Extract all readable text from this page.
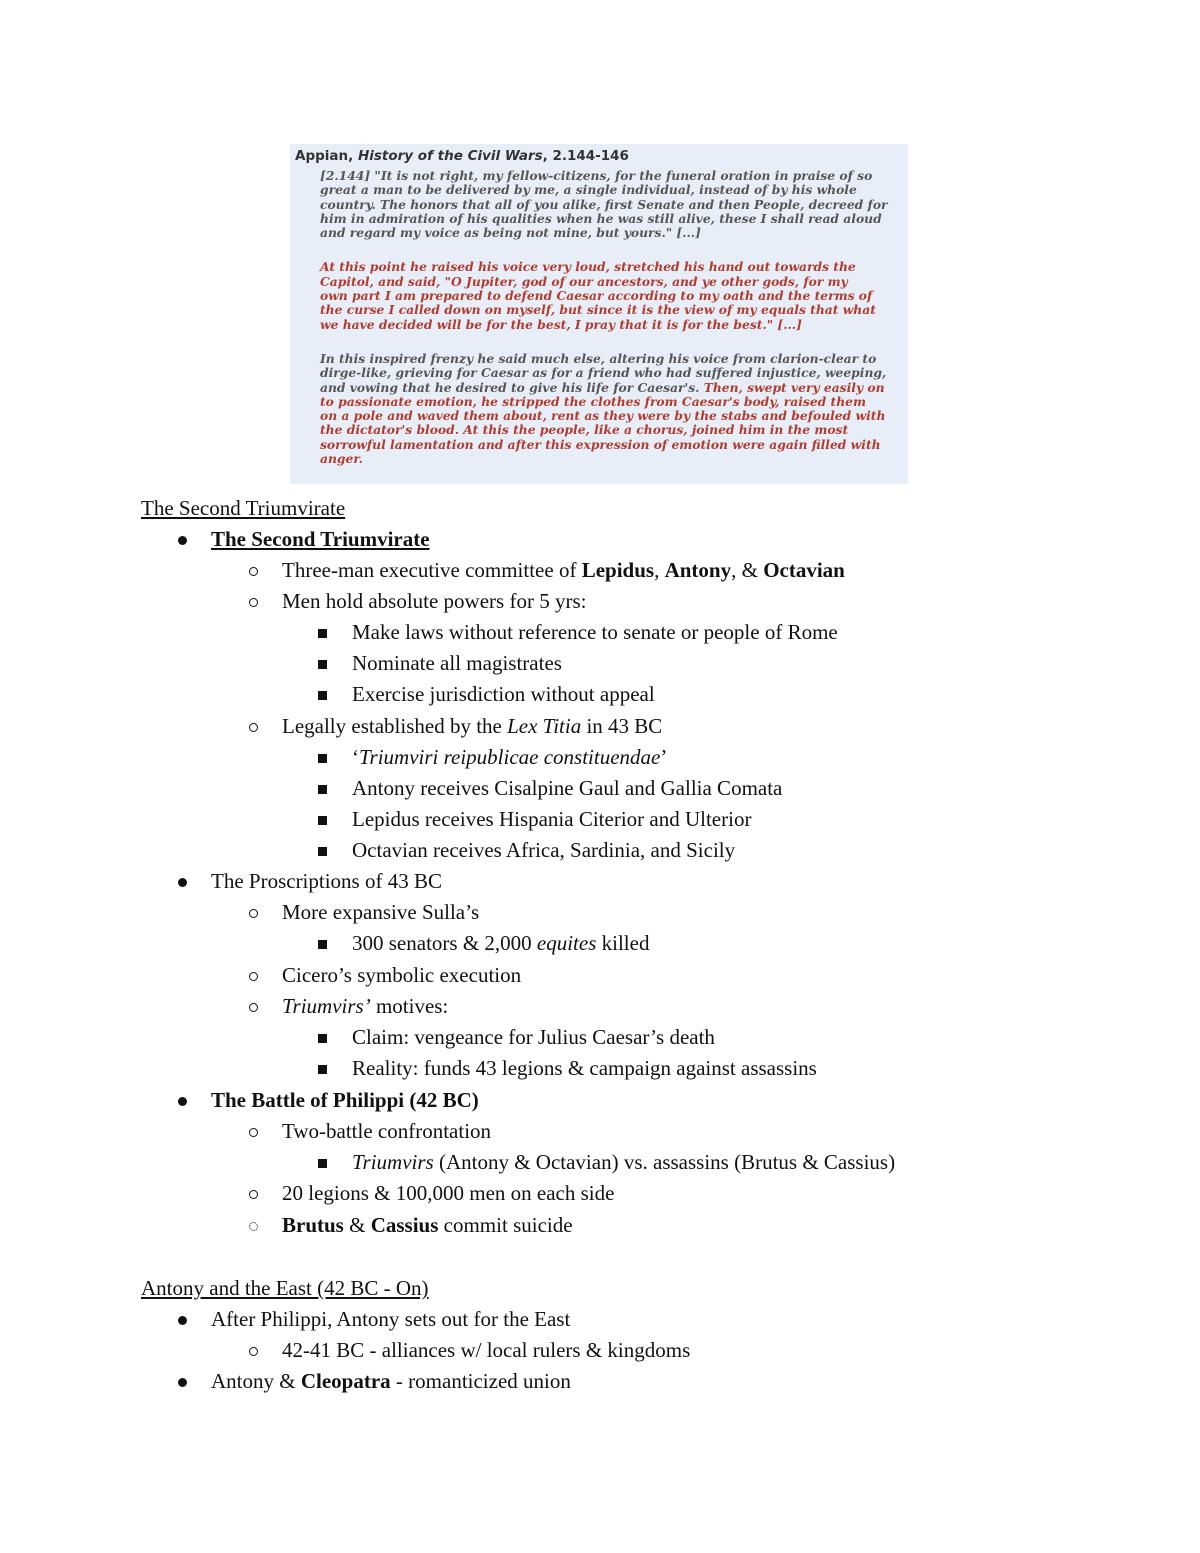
Appian, History of the Civil Wars, 2.144-146

[2.144] "It is not right, my fellow-citizens, for the funeral oration in praise of so
great a man to be delivered by me, a single individual, instead of by his whole
country. The honors that all of you alike, first Senate and then People, decreed for
him in admiration of his qualities when he was still alive, these I shall read aloud
and regard my voice as being not mine, but yours." [...]
At this point he raised his voice very loud, stretched his hand out towards the
Capitol, and said, "O Jupiter, god of our ancestors, and ye other gods, for my
own part I am prepared to defend Caesar according to my oath and the terms of
the curse I called down on myself, but since it is the view of my equals that what
we have decided will be for the best, I pray that it is for the best." [...]
In this inspired frenzy he said much else, altering his voice from clarion-clear to
dirge-like, grieving for Caesar as for a friend who had suffered injustice, weeping,
and vowing that he desired to give his life for Caesar's. Then, swept very easily on
to passionate emotion, he stripped the clothes from Caesar's body, raised them
on a pole and waved them about, rent as they were by the stabs and befouled with
the dictator's blood. At this the people, like a chorus, joined him in the most
sorrowful lamentation and after this expression of emotion were again filled with
anger.

The Second Triumvirate

The Second Triumvirate
Three-man executive committee of Lepidus, Antony, & Octavian
Men hold absolute powers for 5 yrs:
Make laws without reference to senate or people of Rome
Nominate all magistrates
Exercise jurisdiction without appeal
Legally established by the Lex Titia in 43 BC
‘Triumviri reipublicae constituendae’
Antony receives Cisalpine Gaul and Gallia Comata
Lepidus receives Hispania Citerior and Ulterior
Octavian receives Africa, Sardinia, and Sicily
The Proscriptions of 43 BC
More expansive Sulla’s
300 senators & 2,000 equites killed
Cicero’s symbolic execution
Triumvirs’ motives:
Claim: vengeance for Julius Caesar’s death
Reality: funds 43 legions & campaign against assassins
The Battle of Philippi (42 BC)
Two-battle confrontation
Triumvirs (Antony & Octavian) vs. assassins (Brutus & Cassius)
20 legions & 100,000 men on each side
Brutus & Cassius commit suicide

Antony and the East (42 BC - On)

After Philippi, Antony sets out for the East
42-41 BC - alliances w/ local rulers & kingdoms
Antony & Cleopatra - romanticized union
